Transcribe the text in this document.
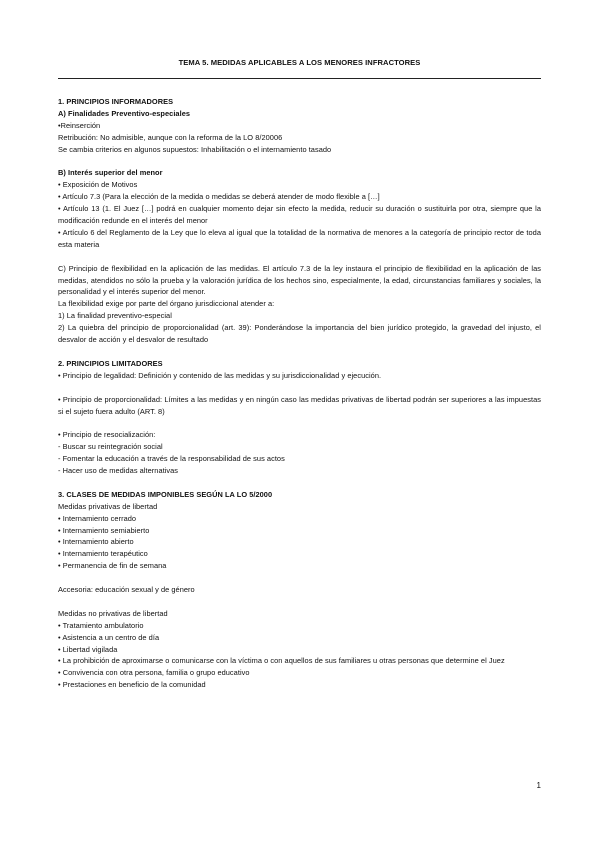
TEMA 5. MEDIDAS APLICABLES A LOS MENORES INFRACTORES

1. PRINCIPIOS INFORMADORES

A) Finalidades Preventivo-especiales

•Reinserción

Retribución: No admisible, aunque con la reforma de la LO 8/20006

Se cambia criterios en algunos supuestos: Inhabilitación o el internamiento tasado

B) Interés superior del menor

• Exposición de Motivos

• Artículo 7.3 (Para la elección de la medida o medidas se deberá atender de modo flexible a […]

• Artículo 13 (1. El Juez […] podrá en cualquier momento dejar sin efecto la medida, reducir su duración o sustituirla por otra, siempre que la modificación redunde en el interés del menor

• Artículo 6 del Reglamento de la Ley que lo eleva al igual que la totalidad de la normativa de menores a la categoría de principio rector de toda esta materia

C) Principio de flexibilidad en la aplicación de las medidas. El artículo 7.3 de la ley instaura el principio de flexibilidad en la aplicación de las medidas, atendidos no sólo la prueba y la valoración jurídica de los hechos sino, especialmente, la edad, circunstancias familiares y sociales, la personalidad y el interés superior del menor.

La flexibilidad exige por parte del órgano jurisdiccional atender a:

1) La finalidad preventivo-especial

2) La quiebra del principio de proporcionalidad (art. 39): Ponderándose la importancia del bien jurídico protegido, la gravedad del injusto, el desvalor de acción y el desvalor de resultado

2. PRINCIPIOS LIMITADORES

• Principio de legalidad: Definición y contenido de las medidas y su jurisdiccionalidad y ejecución.

• Principio de proporcionalidad: Límites a las medidas y en ningún caso las medidas privativas de libertad podrán ser superiores a las impuestas si el sujeto fuera adulto (ART. 8)

• Principio de resocialización:

- Buscar su reintegración social

- Fomentar la educación a través de la responsabilidad de sus actos

- Hacer uso de medidas alternativas

3. CLASES DE MEDIDAS IMPONIBLES SEGÚN LA LO 5/2000

Medidas privativas de libertad

• Internamiento cerrado

• Internamiento semiabierto

• Internamiento abierto

• Internamiento terapéutico

• Permanencia de fin de semana

Accesoria: educación sexual y de género

Medidas no privativas de libertad

• Tratamiento ambulatorio

• Asistencia a un centro de día

• Libertad vigilada

• La prohibición de aproximarse o comunicarse con la víctima o con aquellos de sus familiares u otras personas que determine el Juez

• Convivencia con otra persona, familia o grupo educativo

• Prestaciones en beneficio de la comunidad

1
